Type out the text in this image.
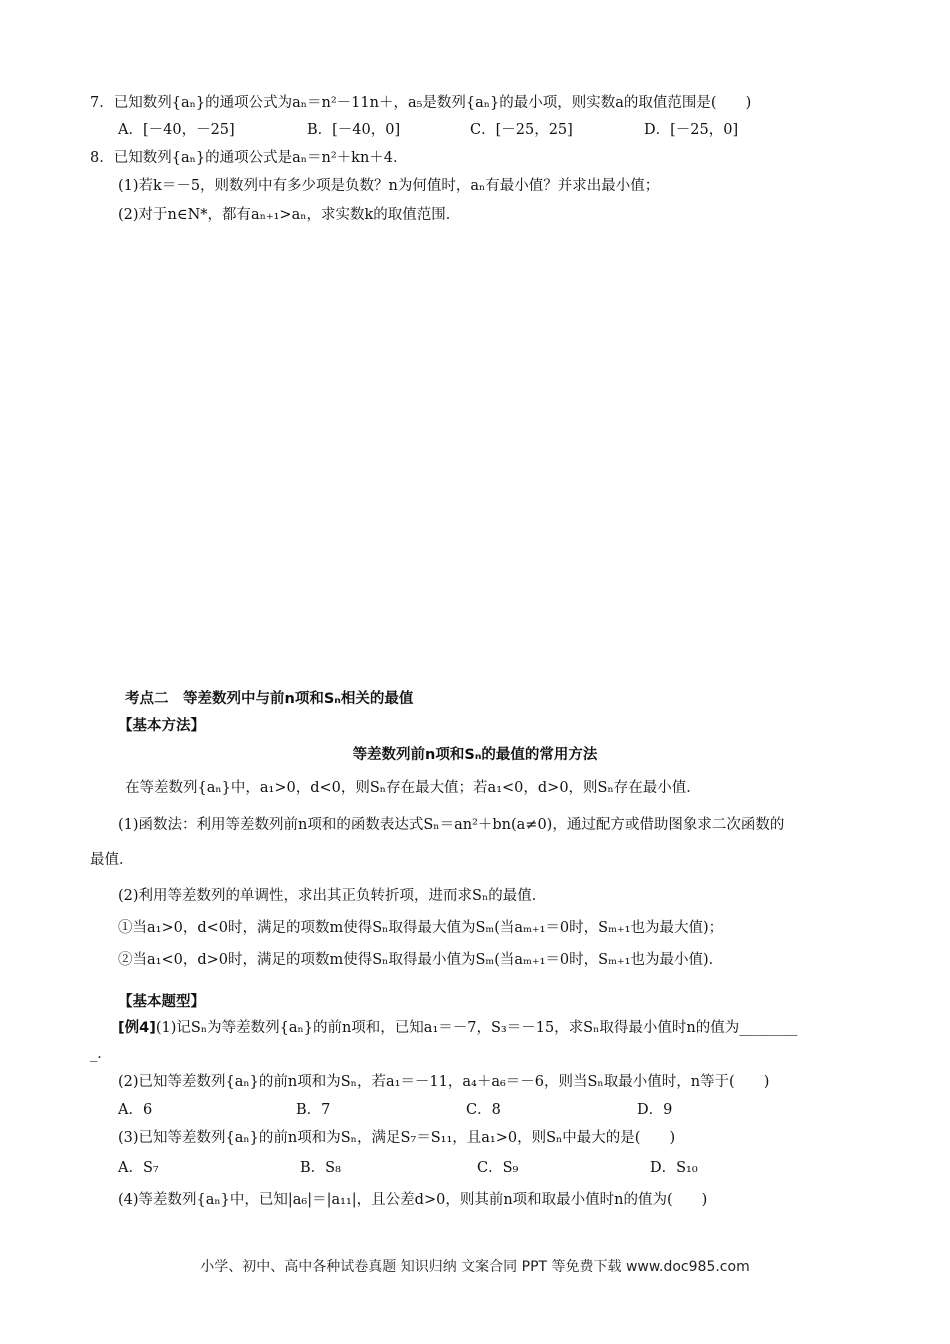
7．已知数列{aₙ}的通项公式为aₙ＝n²－11n＋，a₅是数列{aₙ}的最小项，则实数a的取值范围是(　　)
A．[－40，－25]	B．[－40，0]	C．[－25，25]	D．[－25，0]
8．已知数列{aₙ}的通项公式是aₙ＝n²＋kn＋4．
(1)若k＝－5，则数列中有多少项是负数？n为何值时，aₙ有最小值？并求出最小值；
(2)对于n∈N*，都有aₙ₊₁>aₙ，求实数k的取值范围．
考点二　等差数列中与前n项和Sₙ相关的最值
【基本方法】
等差数列前n项和Sₙ的最值的常用方法
在等差数列{aₙ}中，a₁>0，d<0，则Sₙ存在最大值；若a₁<0，d>0，则Sₙ存在最小值．
(1)函数法：利用等差数列前n项和的函数表达式Sₙ＝an²＋bn(a≠0)，通过配方或借助图象求二次函数的
最值．
(2)利用等差数列的单调性，求出其正负转折项，进而求Sₙ的最值．
①当a₁>0，d<0时，满足的项数m使得Sₙ取得最大值为Sₘ(当aₘ₊₁＝0时，Sₘ₊₁也为最大值)；
②当a₁<0，d>0时，满足的项数m使得Sₙ取得最小值为Sₘ(当aₘ₊₁＝0时，Sₘ₊₁也为最小值)．
【基本题型】
[例4](1)记Sₙ为等差数列{aₙ}的前n项和，已知a₁＝－7，S₃＝－15，求Sₙ取得最小值时n的值为________
_．
(2)已知等差数列{aₙ}的前n项和为Sₙ，若a₁＝－11，a₄＋a₆＝－6，则当Sₙ取最小值时，n等于(　　)
A．6	B．7	C．8	D．9
(3)已知等差数列{aₙ}的前n项和为Sₙ，满足S₇＝S₁₁，且a₁>0，则Sₙ中最大的是(　　)
A．S₇	B．S₈	C．S₉	D．S₁₀
(4)等差数列{aₙ}中，已知|a₆|＝|a₁₁|，且公差d>0，则其前n项和取最小值时n的值为(　　)
小学、初中、高中各种试卷真题 知识归纳 文案合同 PPT 等免费下载 www.doc985.com
